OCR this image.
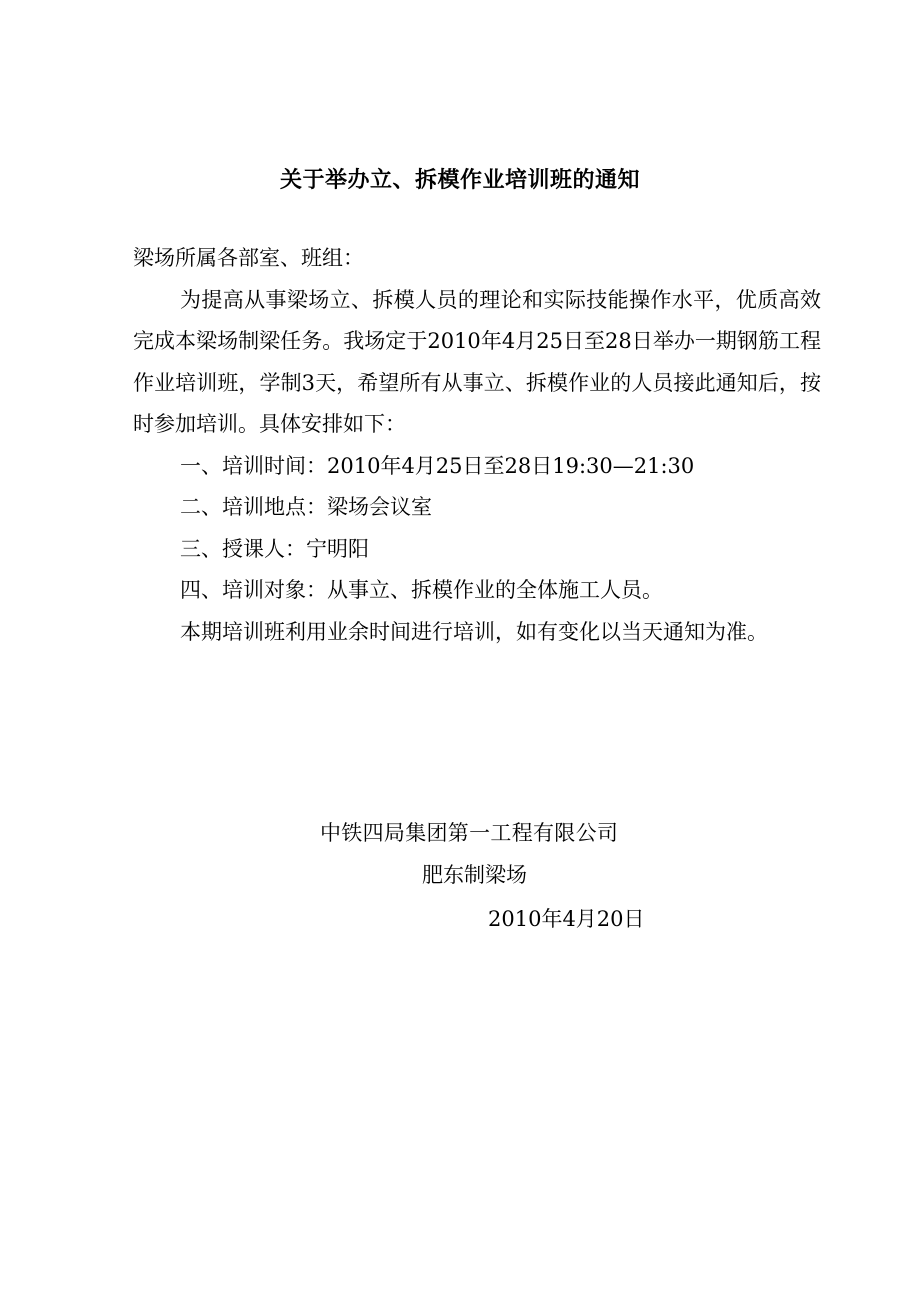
关于举办立、拆模作业培训班的通知

梁场所属各部室、班组：

为提高从事梁场立、拆模人员的理论和实际技能操作水平，优质高效完成本梁场制梁任务。我场定于2010年4月25日至28日举办一期钢筋工程作业培训班，学制3天，希望所有从事立、拆模作业的人员接此通知后，按时参加培训。具体安排如下：

一、培训时间：2010年4月25日至28日19:30—21:30

二、培训地点：梁场会议室

三、授课人：宁明阳

四、培训对象：从事立、拆模作业的全体施工人员。

本期培训班利用业余时间进行培训，如有变化以当天通知为准。

中铁四局集团第一工程有限公司
肥东制梁场
2010年4月20日
